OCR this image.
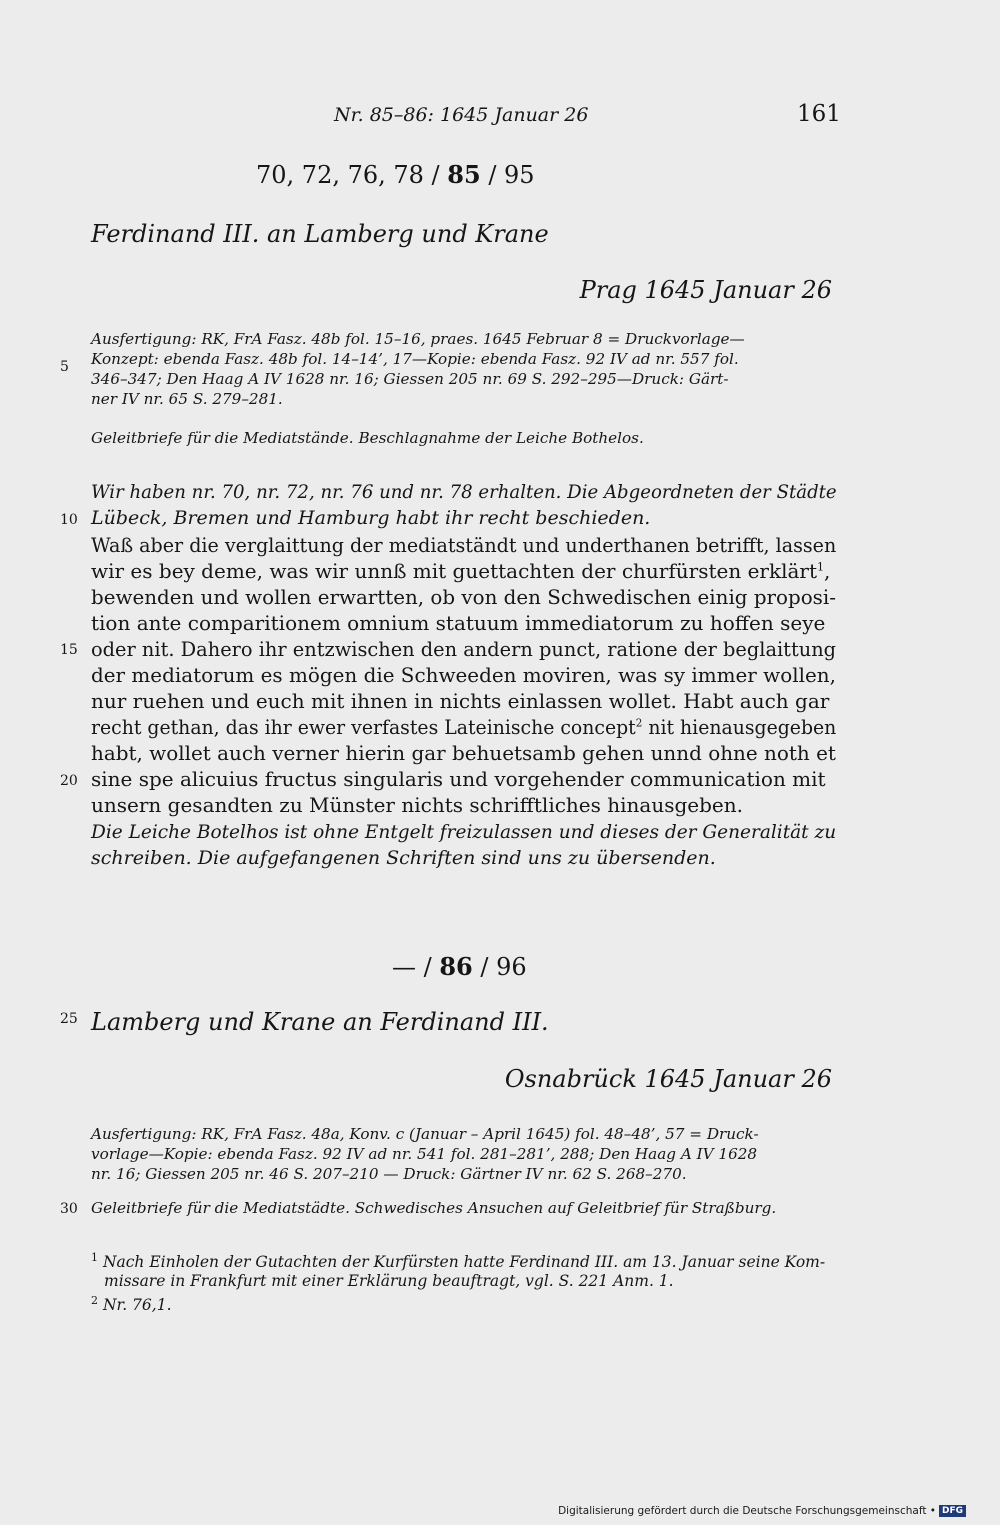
Nr. 85–86: 1645 Januar 26	161
70, 72, 76, 78 / 85 / 95
Ferdinand III. an Lamberg und Krane
Prag 1645 Januar 26
Ausfertigung: RK, FrA Fasz. 48b fol. 15–16, praes. 1645 Februar 8 = Druckvorlage—
Konzept: ebenda Fasz. 48b fol. 14–14’, 17—Kopie: ebenda Fasz. 92 IV ad nr. 557 fol.
346–347; Den Haag A IV 1628 nr. 16; Giessen 205 nr. 69 S. 292–295—Druck: Gärt-
ner IV nr. 65 S. 279–281.
Geleitbriefe für die Mediatstände. Beschlagnahme der Leiche Bothelos.
Wir haben nr. 70, nr. 72, nr. 76 und nr. 78 erhalten. Die Abgeordneten der Städte
Lübeck, Bremen und Hamburg habt ihr recht beschieden.
Waß aber die verglaittung der mediatständt und underthanen betrifft, lassen
wir es bey deme, was wir unnß mit guettachten der churfürsten erklärt$^1$,
bewenden und wollen erwartten, ob von den Schwedischen einig proposi-
tion ante comparitionem omnium statuum immediatorum zu hoffen seye
oder nit. Dahero ihr entzwischen den andern punct, ratione der beglaittung
der mediatorum es mögen die Schweeden moviren, was sy immer wollen,
nur ruehen und euch mit ihnen in nichts einlassen wollet. Habt auch gar
recht gethan, das ihr ewer verfastes Lateinische concept$^2$ nit hienausgegeben
habt, wollet auch verner hierin gar behuetsamb gehen unnd ohne noth et
sine spe alicuius fructus singularis und vorgehender communication mit
unsern gesandten zu Münster nichts schrifftliches hinausgeben.
Die Leiche Botelhos ist ohne Entgelt freizulassen und dieses der Generalität zu
schreiben. Die aufgefangenen Schriften sind uns zu übersenden.
— / 86 / 96
Lamberg und Krane an Ferdinand III.
Osnabrück 1645 Januar 26
Ausfertigung: RK, FrA Fasz. 48a, Konv. c (Januar – April 1645) fol. 48–48’, 57 = Druck-
vorlage—Kopie: ebenda Fasz. 92 IV ad nr. 541 fol. 281–281’, 288; Den Haag A IV 1628
nr. 16; Giessen 205 nr. 46 S. 207–210 — Druck: Gärtner IV nr. 62 S. 268–270.
Geleitbriefe für die Mediatstädte. Schwedisches Ansuchen auf Geleitbrief für Straßburg.
5
10
15
20
25
30
$^1$ Nach Einholen der Gutachten der Kurfürsten hatte Ferdinand III. am 13. Januar seine Kom-
missare in Frankfurt mit einer Erklärung beauftragt, vgl. S. 221 Anm. 1.
$^2$ Nr. 76,1.
Digitalisierung gefördert durch die Deutsche Forschungsgemeinschaft • DFG
